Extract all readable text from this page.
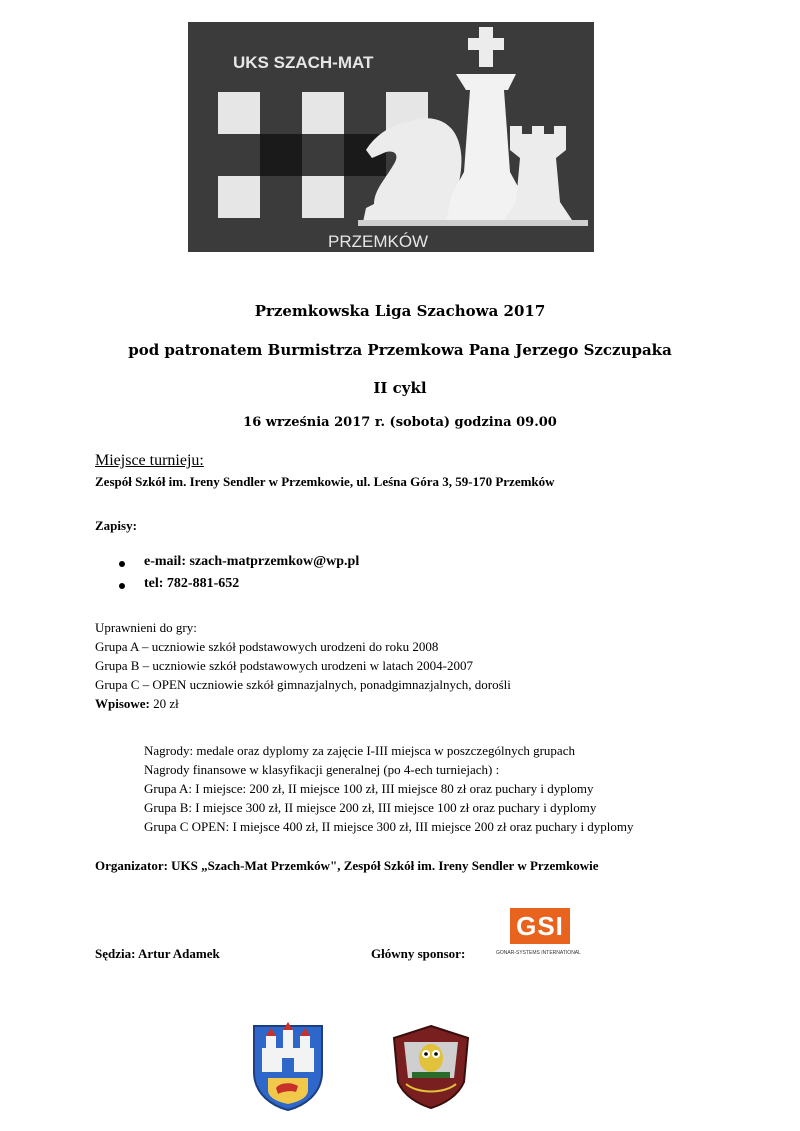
UKS SZACH-MAT
PRZEMKÓW
Przemkowska Liga Szachowa 2017
pod patronatem Burmistrza Przemkowa Pana Jerzego Szczupaka
II cykl
16 września 2017 r. (sobota) godzina 09.00
Miejsce turnieju:
Zespół Szkół im. Ireny Sendler w Przemkowie, ul. Leśna Góra 3, 59-170 Przemków
Zapisy:
e-mail: szach-matprzemkow@wp.pl
tel: 782-881-652
Uprawnieni do gry:
Grupa A – uczniowie szkół podstawowych urodzeni do roku 2008
Grupa B – uczniowie szkół podstawowych urodzeni w latach 2004-2007
Grupa C – OPEN uczniowie szkół gimnazjalnych, ponadgimnazjalnych, dorośli
Wpisowe: 20 zł
Nagrody: medale oraz dyplomy za zajęcie I-III miejsca w poszczególnych grupach
Nagrody finansowe w klasyfikacji generalnej (po 4-ech turniejach) :
Grupa A: I miejsce: 200 zł, II miejsce 100 zł, III miejsce 80 zł oraz puchary i dyplomy
Grupa B: I miejsce 300 zł, II miejsce 200 zł, III miejsce 100 zł oraz puchary i dyplomy
Grupa C OPEN: I miejsce 400 zł, II miejsce 300 zł, III miejsce 200 zł oraz puchary i dyplomy
Organizator: UKS „Szach-Mat Przemków", Zespół Szkół im. Ireny Sendler w Przemkowie
Sędzia: Artur Adamek	Główny sponsor:
GSI
GONAR-SYSTEMS INTERNATIONAL
